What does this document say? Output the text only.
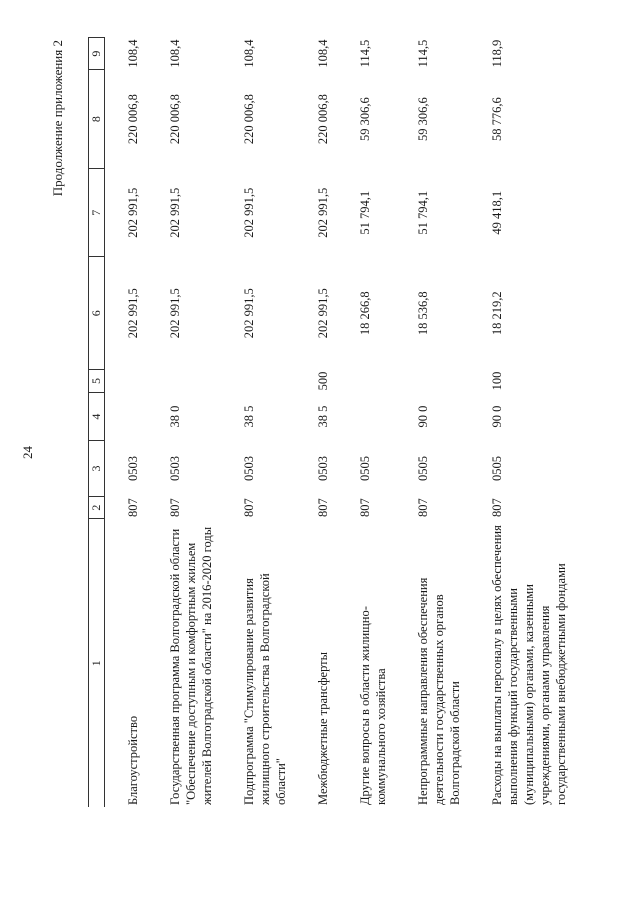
24
Продолжение приложения 2
1	2	3	4	5	6	7	8	9
Благоустройство	807	0503			202 991,5	202 991,5	220 006,8	108,4
Государственная программа Волгоградской области "Обеспечение доступным и комфортным жильем жителей Волгоградской области" на 2016-2020 годы	807	0503	38 0		202 991,5	202 991,5	220 006,8	108,4
Подпрограмма "Стимулирование развития жилищного строительства в Волгоградской области"	807	0503	38 5		202 991,5	202 991,5	220 006,8	108,4
Межбюджетные трансферты	807	0503	38 5	500	202 991,5	202 991,5	220 006,8	108,4
Другие вопросы в области жилищно-коммунального хозяйства	807	0505			18 266,8	51 794,1	59 306,6	114,5
Непрограммные направления обеспечения деятельности государственных органов Волгоградской области	807	0505	90 0		18 536,8	51 794,1	59 306,6	114,5
Расходы на выплаты персоналу в целях обеспечения выполнения функций государственными (муниципальными) органами, казенными учреждениями, органами управления государственными внебюджетными фондами	807	0505	90 0	100	18 219,2	49 418,1	58 776,6	118,9
